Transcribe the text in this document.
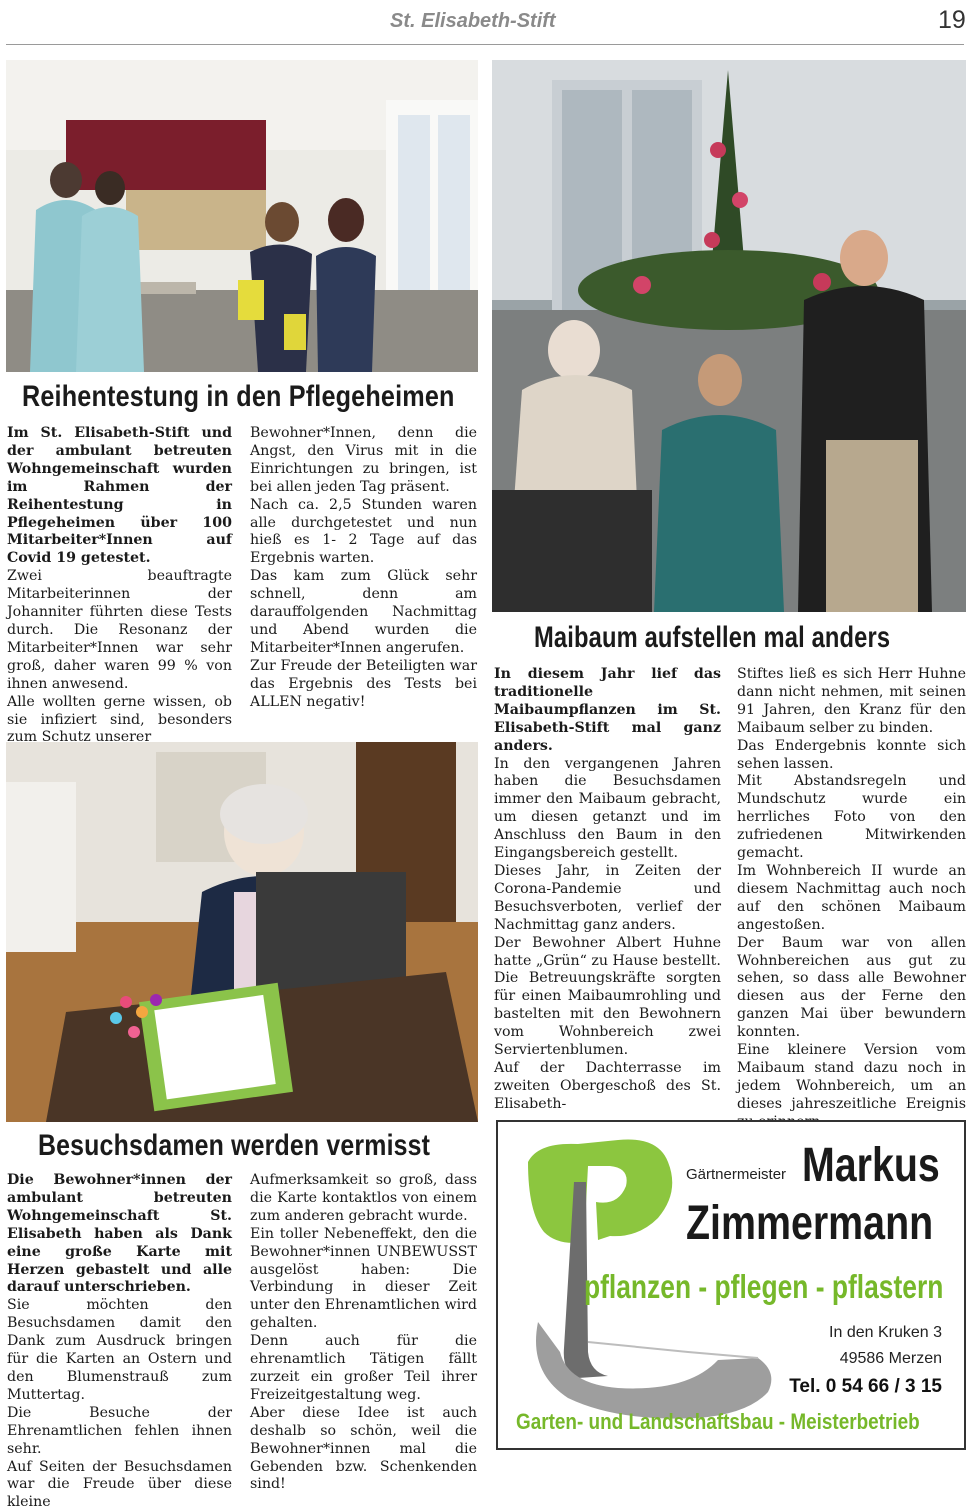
St. Elisabeth-Stift	19
Reihentestung in den Pflegeheimen

Im St. Elisabeth-Stift und der ambulant betreuten Wohngemeinschaft wurden im Rahmen der Reihentestung in Pflegeheimen über 100 Mitarbeiter*Innen auf Covid 19 getestet.

Zwei beauftragte Mitarbeiterinnen der Johanniter führten diese Tests durch. Die Resonanz der Mitarbeiter*Innen war sehr groß, daher waren 99 % von ihnen anwesend.

Alle wollten gerne wissen, ob sie infiziert sind, besonders zum Schutz unserer

Bewohner*Innen, denn die Angst, den Virus mit in die Einrichtungen zu bringen, ist bei allen jeden Tag präsent.

Nach ca. 2,5 Stunden waren alle durchgetestet und nun hieß es 1- 2 Tage auf das Ergebnis warten.

Das kam zum Glück sehr schnell, denn am darauffolgenden Nachmittag und Abend wurden die Mitarbeiter*Innen angerufen.

Zur Freude der Beteiligten war das Ergebnis des Tests bei ALLEN negativ!

Maibaum aufstellen mal anders

In diesem Jahr lief das traditionelle Maibaumpflanzen im St. Elisabeth-Stift mal ganz anders.

In den vergangenen Jahren haben die Besuchsdamen immer den Maibaum gebracht, um diesen getanzt und im Anschluss den Baum in den Eingangsbereich gestellt.

Dieses Jahr, in Zeiten der Corona-Pandemie und Besuchsverboten, verlief der Nachmittag ganz anders.

Der Bewohner Albert Huhne hatte „Grün“ zu Hause bestellt.

Die Betreuungskräfte sorgten für einen Maibaumrohling und bastelten mit den Bewohnern vom Wohnbereich zwei Serviertenblumen.

Auf der Dachterrasse im zweiten Obergeschoß des St. Elisabeth-

Stiftes ließ es sich Herr Huhne dann nicht nehmen, mit seinen 91 Jahren, den Kranz für den Maibaum selber zu binden.

Das Endergebnis konnte sich sehen lassen.

Mit Abstandsregeln und Mundschutz wurde ein herrliches Foto von den zufriedenen Mitwirkenden gemacht.

Im Wohnbereich II wurde an diesem Nachmittag auch noch auf den schönen Maibaum angestoßen.

Der Baum war von allen Wohnbereichen aus gut zu sehen, so dass alle Bewohner diesen aus der Ferne den ganzen Mai über bewundern konnten.

Eine kleinere Version vom Maibaum stand dazu noch in jedem Wohnbereich, um an dieses jahreszeitliche Ereignis

Besuchsdamen werden vermisst

Die Bewohner*innen der ambulant betreuten Wohngemeinschaft St. Elisabeth haben als Dank eine große Karte mit Herzen gebastelt und alle darauf unterschrieben.

Sie möchten den Besuchsdamen damit den Dank zum Ausdruck bringen für die Karten an Ostern und den Blumenstrauß zum Muttertag.

Die Besuche der Ehrenamtlichen fehlen ihnen sehr.

Auf Seiten der Besuchsdamen war die Freude über diese kleine

Aufmerksamkeit so groß, dass die Karte kontaktlos von einem zum anderen gebracht wurde.

Ein toller Nebeneffekt, den die Bewohner*innen UNBEWUSST ausgelöst haben: Die Verbindung in dieser Zeit unter den Ehrenamtlichen wird gehalten.

Denn auch für die ehrenamtlich Tätigen fällt zurzeit ein großer Teil ihrer Freizeitgestaltung weg.

Aber diese Idee ist auch deshalb so schön, weil die Bewohner*innen mal die Gebenden bzw. Schenkenden sind!

Gärtnermeister Markus
Zimmermann
pflanzen - pflegen - pflastern
In den Kruken 3
49586 Merzen
Tel. 0 54 66 / 3 15
Garten- und Landschaftsbau - Meisterbetrieb
